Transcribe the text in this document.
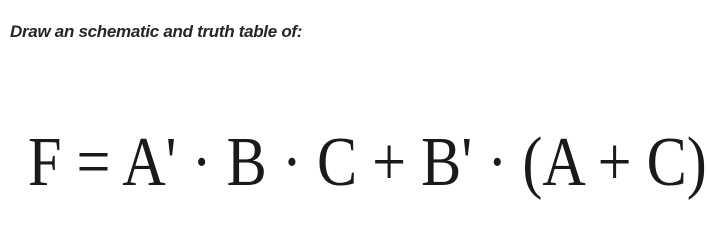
Draw an schematic and truth table of:

F = A' · B · C + B' · (A + C)
